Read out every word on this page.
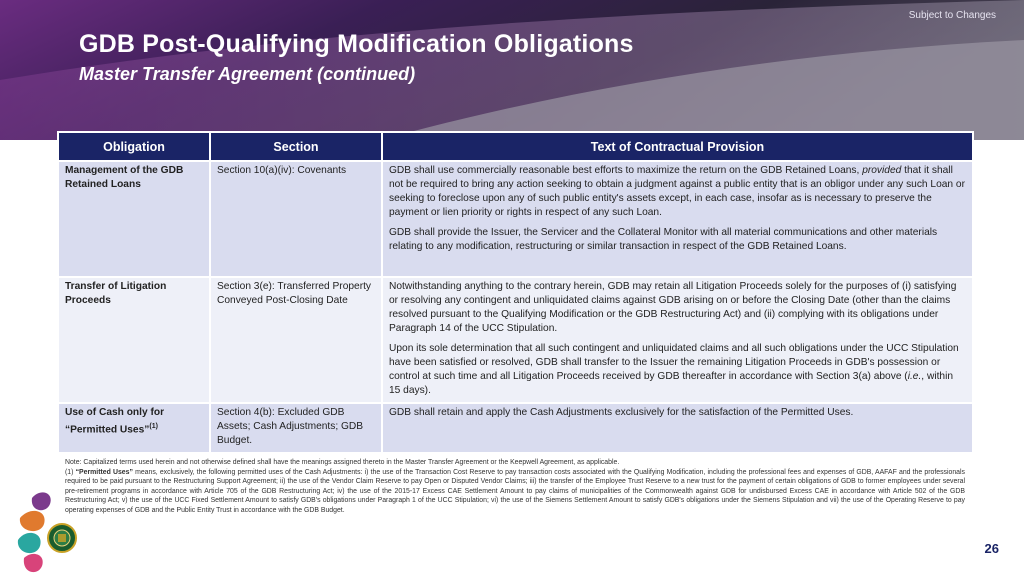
Subject to Changes
GDB Post-Qualifying Modification Obligations
Master Transfer Agreement (continued)
Obligation	Section	Text of Contractual Provision
Management of the GDB Retained Loans	Section 10(a)(iv): Covenants	GDB shall use commercially reasonable best efforts to maximize the return on the GDB Retained Loans, provided that it shall not be required to bring any action seeking to obtain a judgment against a public entity that is an obligor under any such Loan or seeking to foreclose upon any of such public entity's assets except, in each case, insofar as is necessary to preserve the payment or lien priority or rights in respect of any such Loan.

GDB shall provide the Issuer, the Servicer and the Collateral Monitor with all material communications and other materials relating to any modification, restructuring or similar transaction in respect of the GDB Retained Loans.

Transfer of Litigation Proceeds	Section 3(e): Transferred Property Conveyed Post-Closing Date	Notwithstanding anything to the contrary herein, GDB may retain all Litigation Proceeds solely for the purposes of (i) satisfying or resolving any contingent and unliquidated claims against GDB arising on or before the Closing Date (other than the claims resolved pursuant to the Qualifying Modification or the GDB Restructuring Act) and (ii) complying with its obligations under Paragraph 14 of the UCC Stipulation.

Upon its sole determination that all such contingent and unliquidated claims and all such obligations under the UCC Stipulation have been satisfied or resolved, GDB shall transfer to the Issuer the remaining Litigation Proceeds in GDB's possession or control at such time and all Litigation Proceeds received by GDB thereafter in accordance with Section 3(a) above (i.e., within 15 days).

Use of Cash only for “Permitted Uses”$^{(1)}$	Section 4(b): Excluded GDB Assets; Cash Adjustments; GDB Budget.	GDB shall retain and apply the Cash Adjustments exclusively for the satisfaction of the Permitted Uses.
Note: Capitalized terms used herein and not otherwise defined shall have the meanings assigned thereto in the Master Transfer Agreement or the Keepwell Agreement, as applicable.
(1) “Permitted Uses” means, exclusively, the following permitted uses of the Cash Adjustments: i) the use of the Transaction Cost Reserve to pay transaction costs associated with the Qualifying Modification, including the professional fees and expenses of GDB, AAFAF and the professionals required to be paid pursuant to the Restructuring Support Agreement; ii) the use of the Vendor Claim Reserve to pay Open or Disputed Vendor Claims; iii) the transfer of the Employee Trust Reserve to a new trust for the payment of certain obligations of GDB to former employees under several pre-retirement programs in accordance with Article 705 of the GDB Restructuring Act; iv) the use of the 2015-17 Excess CAE Settlement Amount to pay claims of municipalities of the Commonwealth against GDB for undisbursed Excess CAE in accordance with Article 502 of the GDB Restructuring Act; v) the use of the UCC Fixed Settlement Amount to satisfy GDB's obligations under Paragraph 1 of the UCC Stipulation; vi) the use of the Siemens Settlement Amount to satisfy GDB's obligations under the Siemens Stipulation and vii) the use of the Operating Reserve to pay operating expenses of GDB and the Public Entity Trust in accordance with the GDB Budget.
26
